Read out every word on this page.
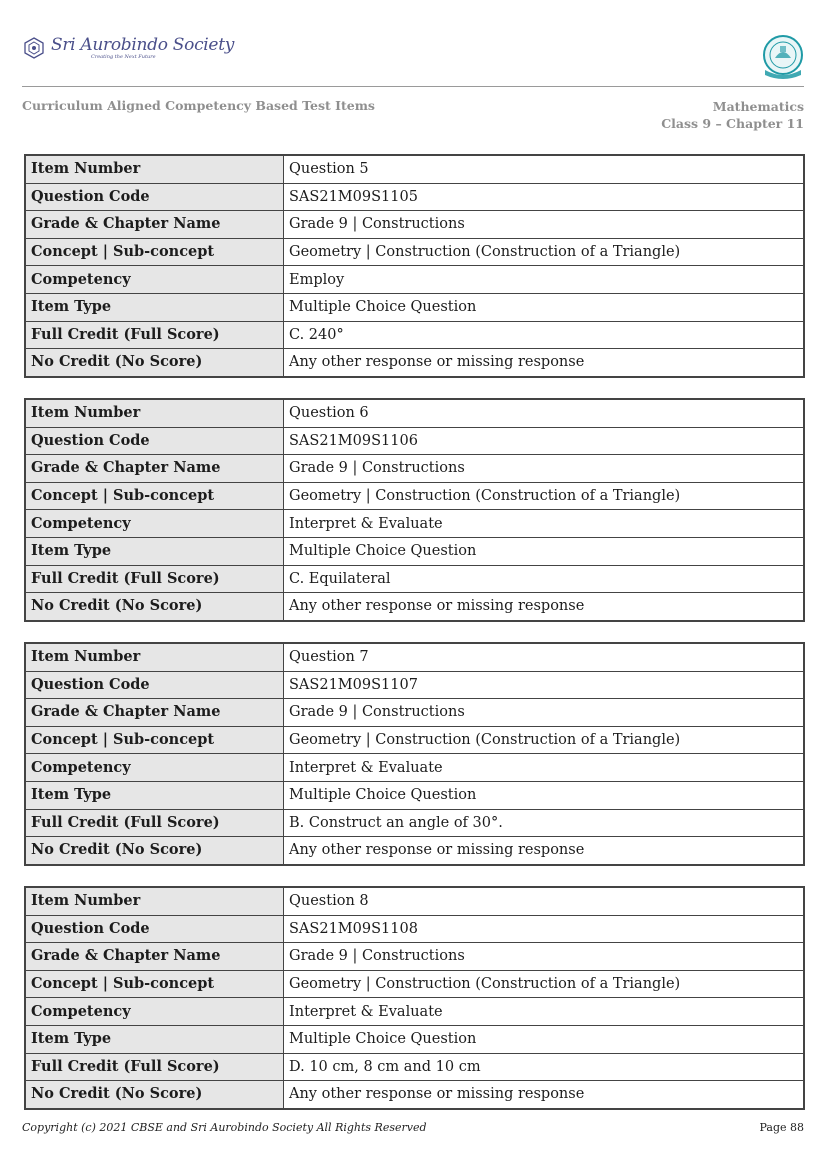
Sri Aurobindo Society
Creating the Next Future
Curriculum Aligned Competency Based Test Items	Mathematics
Class 9 – Chapter 11
Item Number	Question 5
Question Code	SAS21M09S1105
Grade & Chapter Name	Grade 9 | Constructions
Concept | Sub-concept	Geometry | Construction (Construction of a Triangle)
Competency	Employ
Item Type	Multiple Choice Question
Full Credit (Full Score)	C. 240°
No Credit (No Score)	Any other response or missing response
Item Number	Question 6
Question Code	SAS21M09S1106
Grade & Chapter Name	Grade 9 | Constructions
Concept | Sub-concept	Geometry | Construction (Construction of a Triangle)
Competency	Interpret & Evaluate
Item Type	Multiple Choice Question
Full Credit (Full Score)	C. Equilateral
No Credit (No Score)	Any other response or missing response
Item Number	Question 7
Question Code	SAS21M09S1107
Grade & Chapter Name	Grade 9 | Constructions
Concept | Sub-concept	Geometry | Construction (Construction of a Triangle)
Competency	Interpret & Evaluate
Item Type	Multiple Choice Question
Full Credit (Full Score)	B. Construct an angle of 30°.
No Credit (No Score)	Any other response or missing response
Item Number	Question 8
Question Code	SAS21M09S1108
Grade & Chapter Name	Grade 9 | Constructions
Concept | Sub-concept	Geometry | Construction (Construction of a Triangle)
Competency	Interpret & Evaluate
Item Type	Multiple Choice Question
Full Credit (Full Score)	D. 10 cm, 8 cm and 10 cm
No Credit (No Score)	Any other response or missing response
Copyright (c) 2021 CBSE and Sri Aurobindo Society All Rights Reserved	Page 88
